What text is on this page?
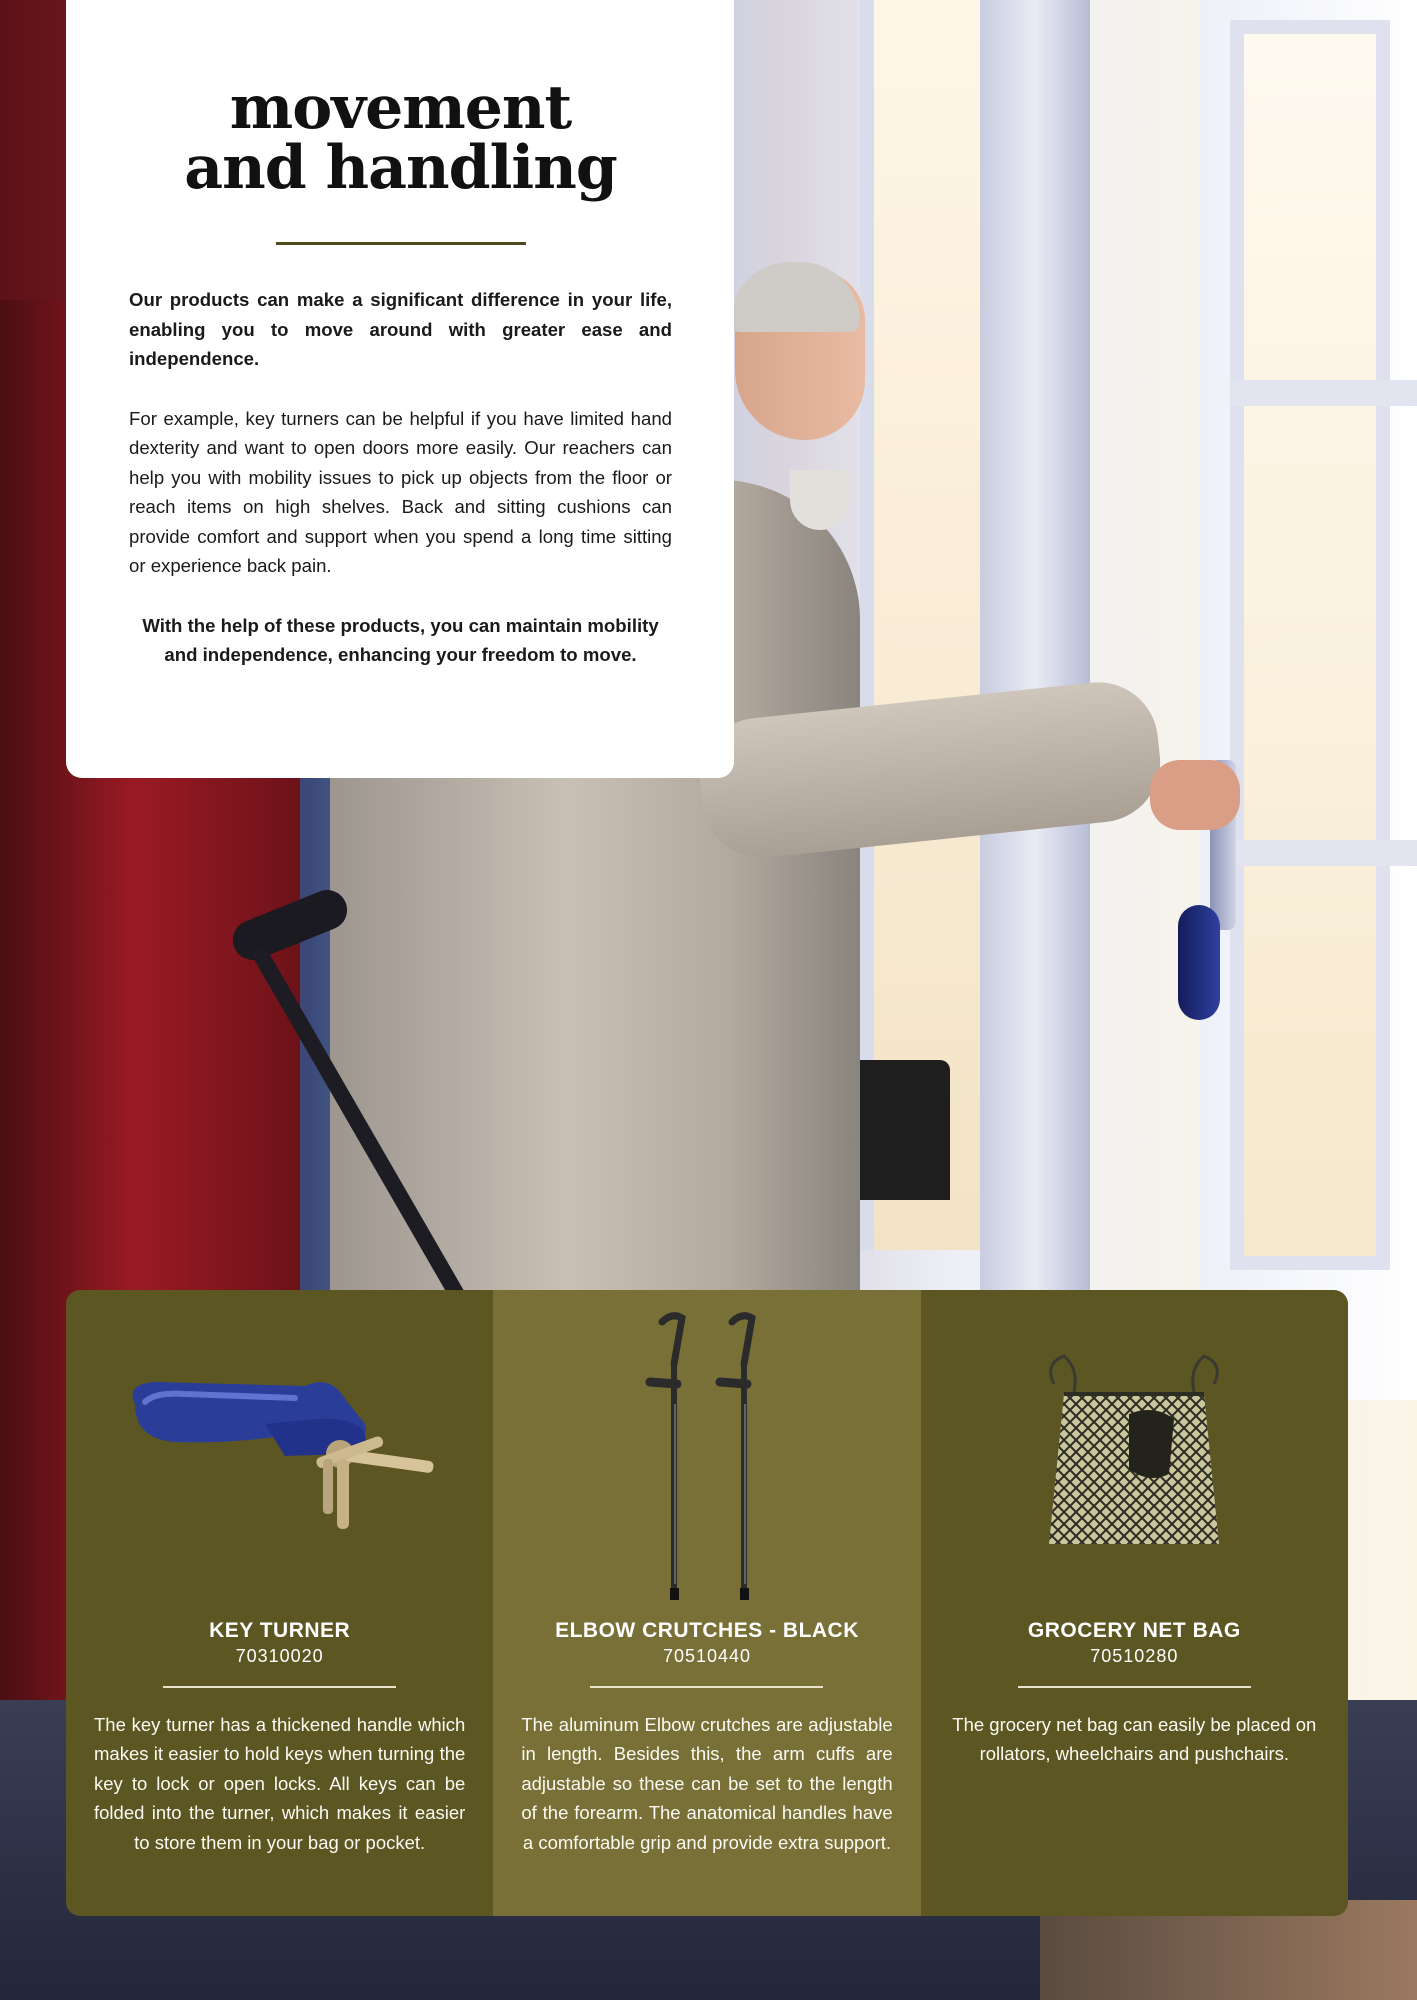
movement
and handling

Our products can make a significant difference in your life, enabling you to move around with greater ease and independence.

For example, key turners can be helpful if you have limited hand dexterity and want to open doors more easily. Our reachers can help you with mobility issues to pick up objects from the floor or reach items on high shelves. Back and sitting cushions can provide comfort and support when you spend a long time sitting or experience back pain.

With the help of these products, you can maintain mobility and independence, enhancing your freedom to move.

KEY TURNER

70310020

The key turner has a thickened handle which makes it easier to hold keys when turning the key to lock or open locks. All keys can be folded into the turner, which makes it easier to store them in your bag or pocket.

ELBOW CRUTCHES - BLACK

70510440

The aluminum Elbow crutches are adjustable in length. Besides this, the arm cuffs are adjustable so these can be set to the length of the forearm. The anatomical handles have a comfortable grip and provide extra support.

GROCERY NET BAG

70510280

The grocery net bag can easily be placed on rollators, wheelchairs and pushchairs.
